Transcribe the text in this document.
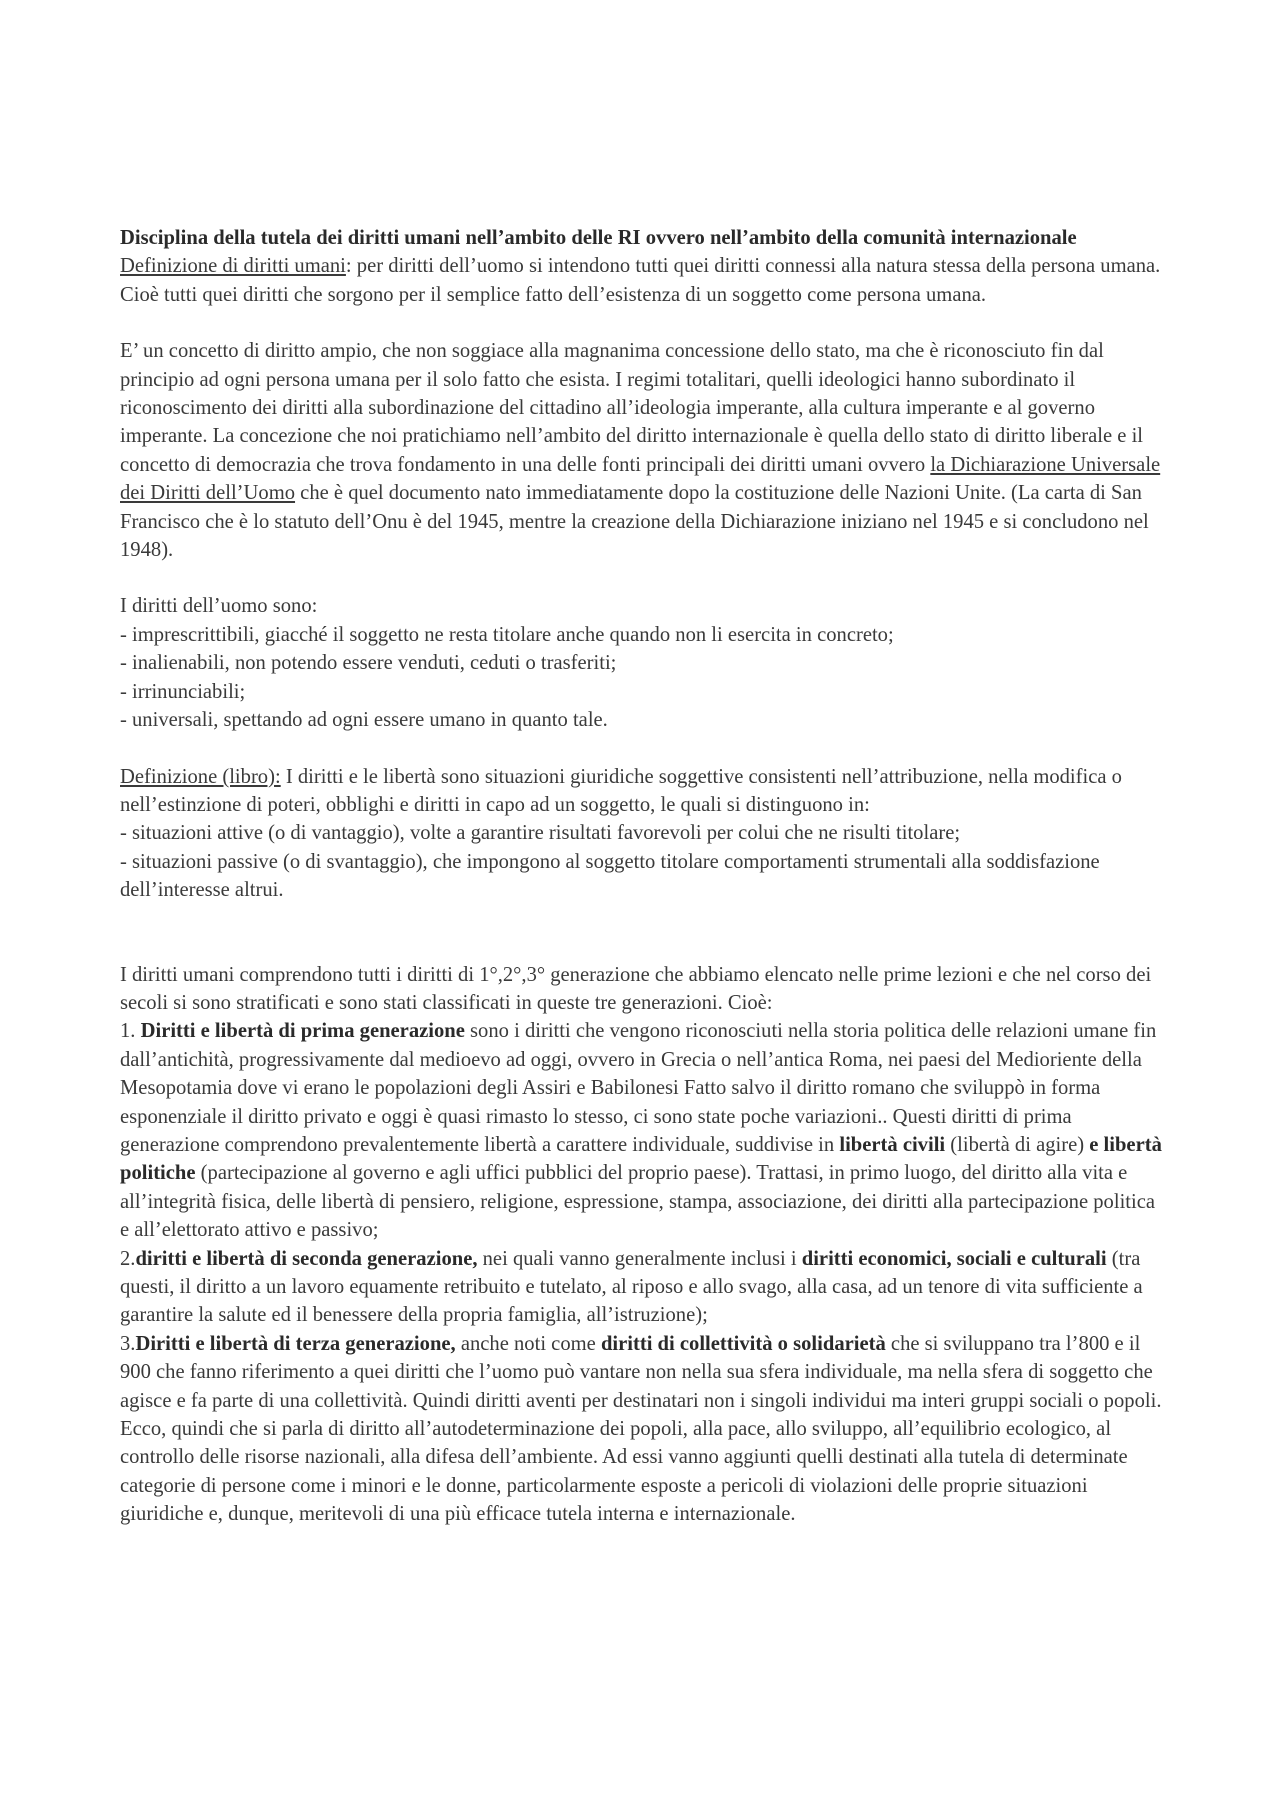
Disciplina della tutela dei diritti umani nell’ambito delle RI ovvero nell’ambito della comunità internazionale

Definizione di diritti umani: per diritti dell’uomo si intendono tutti quei diritti connessi alla natura stessa della persona umana. Cioè tutti quei diritti che sorgono per il semplice fatto dell’esistenza di un soggetto come persona umana.

E’ un concetto di diritto ampio, che non soggiace alla magnanima concessione dello stato, ma che è riconosciuto fin dal principio ad ogni persona umana per il solo fatto che esista. I regimi totalitari, quelli ideologici hanno subordinato il riconoscimento dei diritti alla subordinazione del cittadino all’ideologia imperante, alla cultura imperante e al governo imperante. La concezione che noi pratichiamo nell’ambito del diritto internazionale è quella dello stato di diritto liberale e il concetto di democrazia che trova fondamento in una delle fonti principali dei diritti umani ovvero la Dichiarazione Universale dei Diritti dell’Uomo che è quel documento nato immediatamente dopo la costituzione delle Nazioni Unite. (La carta di San Francisco che è lo statuto dell’Onu è del 1945, mentre la creazione della Dichiarazione iniziano nel 1945 e si concludono nel 1948).

I diritti dell’uomo sono:

- imprescrittibili, giacché il soggetto ne resta titolare anche quando non li esercita in concreto;

- inalienabili, non potendo essere venduti, ceduti o trasferiti;

- irrinunciabili;

- universali, spettando ad ogni essere umano in quanto tale.

Definizione (libro): I diritti e le libertà sono situazioni giuridiche soggettive consistenti nell’attribuzione, nella modifica o nell’estinzione di poteri, obblighi e diritti in capo ad un soggetto, le quali si distinguono in:

- situazioni attive (o di vantaggio), volte a garantire risultati favorevoli per colui che ne risulti titolare;

- situazioni passive (o di svantaggio), che impongono al soggetto titolare comportamenti strumentali alla soddisfazione dell’interesse altrui.

I diritti umani comprendono tutti i diritti di 1°,2°,3° generazione che abbiamo elencato nelle prime lezioni e che nel corso dei secoli si sono stratificati e sono stati classificati in queste tre generazioni. Cioè:

1. Diritti e libertà di prima generazione sono i diritti che vengono riconosciuti nella storia politica delle relazioni umane fin dall’antichità, progressivamente dal medioevo ad oggi, ovvero in Grecia o nell’antica Roma, nei paesi del Medioriente della Mesopotamia dove vi erano le popolazioni degli Assiri e Babilonesi Fatto salvo il diritto romano che sviluppò in forma esponenziale il diritto privato e oggi è quasi rimasto lo stesso, ci sono state poche variazioni.. Questi diritti di prima generazione comprendono prevalentemente libertà a carattere individuale, suddivise in libertà civili (libertà di agire) e libertà politiche (partecipazione al governo e agli uffici pubblici del proprio paese). Trattasi, in primo luogo, del diritto alla vita e all’integrità fisica, delle libertà di pensiero, religione, espressione, stampa, associazione, dei diritti alla partecipazione politica e all’elettorato attivo e passivo;

2.diritti e libertà di seconda generazione, nei quali vanno generalmente inclusi i diritti economici, sociali e culturali (tra questi, il diritto a un lavoro equamente retribuito e tutelato, al riposo e allo svago, alla casa, ad un tenore di vita sufficiente a garantire la salute ed il benessere della propria famiglia, all’istruzione);

3.Diritti e libertà di terza generazione, anche noti come diritti di collettività o solidarietà che si sviluppano tra l’800 e il 900 che fanno riferimento a quei diritti che l’uomo può vantare non nella sua sfera individuale, ma nella sfera di soggetto che agisce e fa parte di una collettività. Quindi diritti aventi per destinatari non i singoli individui ma interi gruppi sociali o popoli. Ecco, quindi che si parla di diritto all’autodeterminazione dei popoli, alla pace, allo sviluppo, all’equilibrio ecologico, al controllo delle risorse nazionali, alla difesa dell’ambiente. Ad essi vanno aggiunti quelli destinati alla tutela di determinate categorie di persone come i minori e le donne, particolarmente esposte a pericoli di violazioni delle proprie situazioni giuridiche e, dunque, meritevoli di una più efficace tutela interna e internazionale.
